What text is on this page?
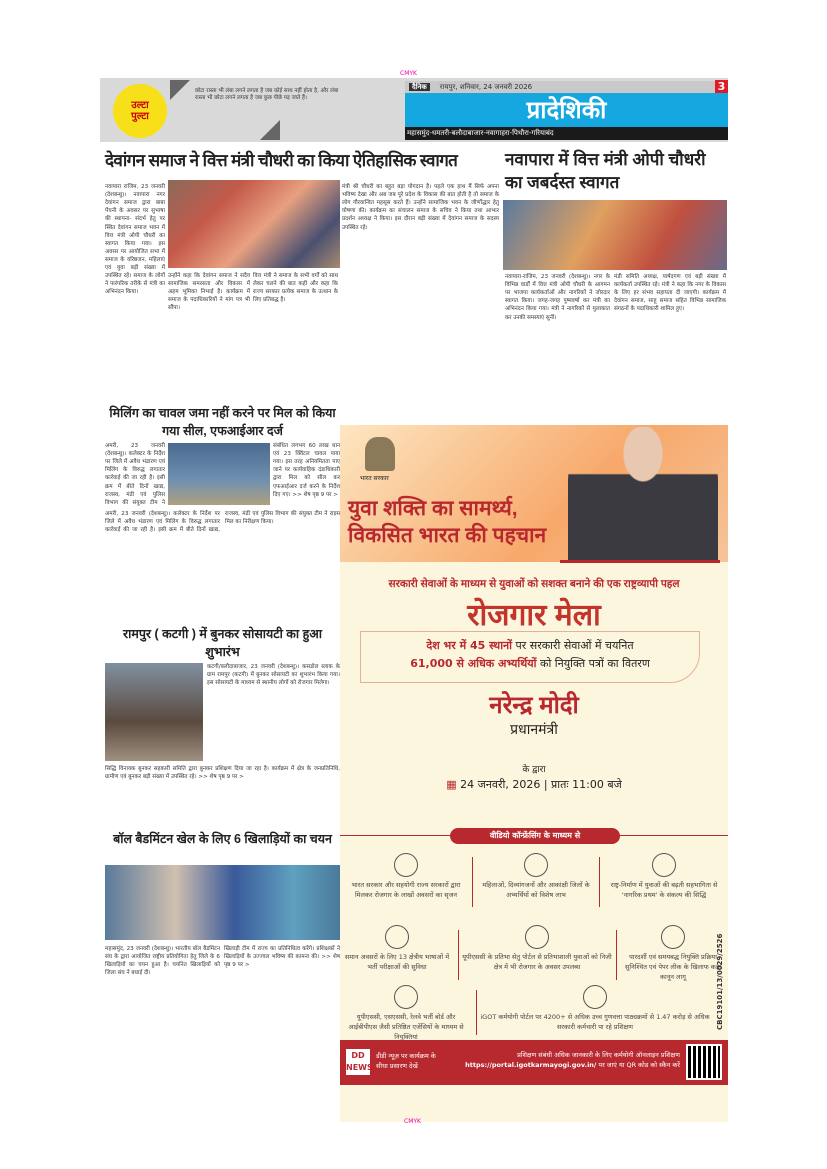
CMYK
उल्टा
पुल्टा
छोटा रास्ता भी लंबा लगने लगता है जब कोई साथ नहीं होता है, और लंबा रास्ता भी छोटा लगने लगता है जब कुछ पीछे पड़ जाते हैं।
दैनिक रायपुर, शनिवार, 24 जनवरी 2026	3
प्रादेशिकी
महासमुंद-धमतरी-बलौदाबाजार-नवागाहरा-पिथौरा-गरियाबंद
देवांगन समाज ने वित्त मंत्री चौधरी का किया ऐतिहासिक स्वागत
नवापारा राजिम, 23 जनवरी (देशबन्धु)। नवापारा नगर देवांगन समाज द्वारा बाबा पेंचनी के अवसर पर सुभाषा की स्थापना- संदर्भ हेतु पर स्थित देवांगन समाज भवन में वित्त मंत्री ओपी चौधरी का स्वागत किया गया। इस अवसर पर आयोजित सभा में समाज के वरिष्ठजन, महिलाएं एवं युवा बड़ी संख्या में उपस्थित रहे। समाज के लोगों ने पारंपरिक तरीके से मंत्री का अभिनंदन किया।
उन्होंने कहा कि देवांगन समाज ने सदैव सामाजिक समरसता और विकास में अहम भूमिका निभाई है। कार्यक्रम में समाज के पदाधिकारियों ने मांग पत्र भी सौंपा।
वित्त मंत्री ने समाज के सभी वर्गों को साथ लेकर चलने की बात कही और कहा कि राज्य सरकार प्रत्येक समाज के उत्थान के लिए प्रतिबद्ध है।
मंत्री श्री चौधरी का बहुत बड़ा योगदान है। पहले एक हाथ मैं सिर्फ अपना भविष्य देखा और अब जब पूरे प्रदेश के विकास की बात होती है तो समाज के लोग गौरवान्वित महसूस करते हैं। उन्होंने सामाजिक भवन के जीर्णोद्धार हेतु घोषणा की। कार्यक्रम का संचालन समाज के सचिव ने किया तथा आभार प्रदर्शन अध्यक्ष ने किया। इस दौरान बड़ी संख्या में देवांगन समाज के सदस्य उपस्थित रहे।
नवापारा में वित्त मंत्री ओपी चौधरी का जबर्दस्त स्वागत
नवापारा-राजिम, 23 जनवरी (देशबन्धु)। नगर के विभिन्न वार्डों में वित्त मंत्री ओपी चौधरी के आगमन पर भाजपा कार्यकर्ताओं और नागरिकों ने जोरदार स्वागत किया। जगह-जगह पुष्पवर्षा कर मंत्री का अभिनंदन किया गया। मंत्री ने नागरिकों से मुलाकात कर उनकी समस्याएं सुनीं।
मंडी समिति अध्यक्ष, पार्षदगण एवं बड़ी संख्या में कार्यकर्ता उपस्थित रहे। मंत्री ने कहा कि नगर के विकास के लिए हर संभव सहायता दी जाएगी। कार्यक्रम में देवांगन समाज, साहू समाज सहित विभिन्न सामाजिक संगठनों के पदाधिकारी शामिल हुए।
मिलिंग का चावल जमा नहीं करने पर मिल को किया गया सील, एफआईआर दर्ज
अमरी, 23 जनवरी (देशबन्धु)। कलेक्टर के निर्देश पर जिले में अवैध भंडारण एवं मिलिंग के विरुद्ध लगातार कार्रवाई की जा रही है। इसी क्रम में बीते दिनों खाद्य, राजस्व, मंडी एवं पुलिस विभाग की संयुक्त टीम ने
संबंधित लगभग 60 लाख धान एवं 23 क्विंटल चावल पाया गया। इस तरह अनियमितता पाए जाने पर कार्यवाहिक दंडाधिकारी द्वारा मिल को सील कर एफआईआर दर्ज करने के निर्देश दिए गए। >> शेष पृष्ठ 9 पर >
अमरी, 23 जनवरी (देशबन्धु)। कलेक्टर के निर्देश पर जिले में अवैध भंडारण एवं मिलिंग के विरुद्ध लगातार कार्रवाई की जा रही है। इसी क्रम में बीते दिनों खाद्य, राजस्व, मंडी एवं पुलिस विभाग की संयुक्त टीम ने राइस मिल का निरीक्षण किया।
रामपुर ( कटगी ) में बुनकर सोसायटी का हुआ शुभारंभ
कटगी/बलौदाबाजार, 23 जनवरी (देशबन्धु)। कसडोल ब्लाक के ग्राम रामपुर (कटगी) में बुनकर सोसायटी का शुभारंभ किया गया। इस सोसायटी के माध्यम से स्थानीय लोगों को रोजगार मिलेगा।
सिद्धि विनायक बुनकर सहकारी समिति द्वारा बुनकर प्रशिक्षण दिया जा रहा है। कार्यक्रम में क्षेत्र के जनप्रतिनिधि, ग्रामीण एवं बुनकर बड़ी संख्या में उपस्थित रहे। >> शेष पृष्ठ 9 पर >
बॉल बैडमिंटन खेल के लिए 6 खिलाड़ियों का चयन
महासमुंद, 23 जनवरी (देशबन्धु)। भारतीय बॉल बैडमिंटन संघ के द्वारा आयोजित राष्ट्रीय प्रतियोगिता हेतु जिले के 6 खिलाड़ियों का चयन हुआ है। चयनित खिलाड़ियों को जिला संघ ने बधाई दी।
खिलाड़ी टीम में राज्य का प्रतिनिधित्व करेंगे। प्रशिक्षकों ने खिलाड़ियों के उज्ज्वल भविष्य की कामना की। >> शेष पृष्ठ 9 पर >
भारत सरकार
युवा शक्ति का सामर्थ्य,
विकसित भारत की पहचान
सरकारी सेवाओं के माध्यम से युवाओं को सशक्त बनाने की एक राष्ट्रव्यापी पहल
रोजगार मेला
देश भर में 45 स्थानों पर सरकारी सेवाओं में चयनित
61,000 से अधिक अभ्यर्थियों को नियुक्ति पत्रों का वितरण
नरेन्द्र मोदी
प्रधानमंत्री
के द्वारा
▦ 24 जनवरी, 2026 | प्रातः 11:00 बजे
वीडियो कॉन्फ्रेंसिंग के माध्यम से
भारत सरकार और सहयोगी राज्य सरकारों द्वारा मिलकर रोजगार के लाखों अवसरों का सृजन
महिलाओं, दिव्यांगजनों और आकांक्षी जिलों के अभ्यर्थियों को विशेष लाभ
राष्ट्र-निर्माण में युवाओं की बढ़ती सहभागिता से 'नागरिक प्रथम' के संकल्प की सिद्धि
समान अवसरों के लिए 13 क्षेत्रीय भाषाओं में भर्ती परीक्षाओं की सुविधा
यूपीएससी के प्रतिभा सेतु पोर्टल से प्रतिभाशाली युवाओं को निजी क्षेत्र में भी रोजगार के अवसर उपलब्ध
पारदर्शी एवं समयबद्ध नियुक्ति प्रक्रिया सुनिश्चित एवं पेपर लीक के खिलाफ कड़ा कानून लागू
यूपीएससी, एसएससी, रेलवे भर्ती बोर्ड और आईबीपीएस जैसी प्रतिष्ठित एजेंसियों के माध्यम से नियुक्तियां
iGOT कर्मयोगी पोर्टल पर 4200+ से अधिक उच्च गुणवत्ता पाठ्यक्रमों से 1.47 करोड़ से अधिक सरकारी कर्मचारी पा रहे प्रशिक्षण	CBC19101/13/0029/2526
DD NEWS
डीडी न्यूज़ पर कार्यक्रम के सीधा प्रसारण देखें
प्रशिक्षण संबंधी अधिक जानकारी के लिए कर्मयोगी ऑनलाइन प्रशिक्षण
https://portal.igotkarmayogi.gov.in/ पर जाएं या QR कोड को स्कैन करें
CMYK
